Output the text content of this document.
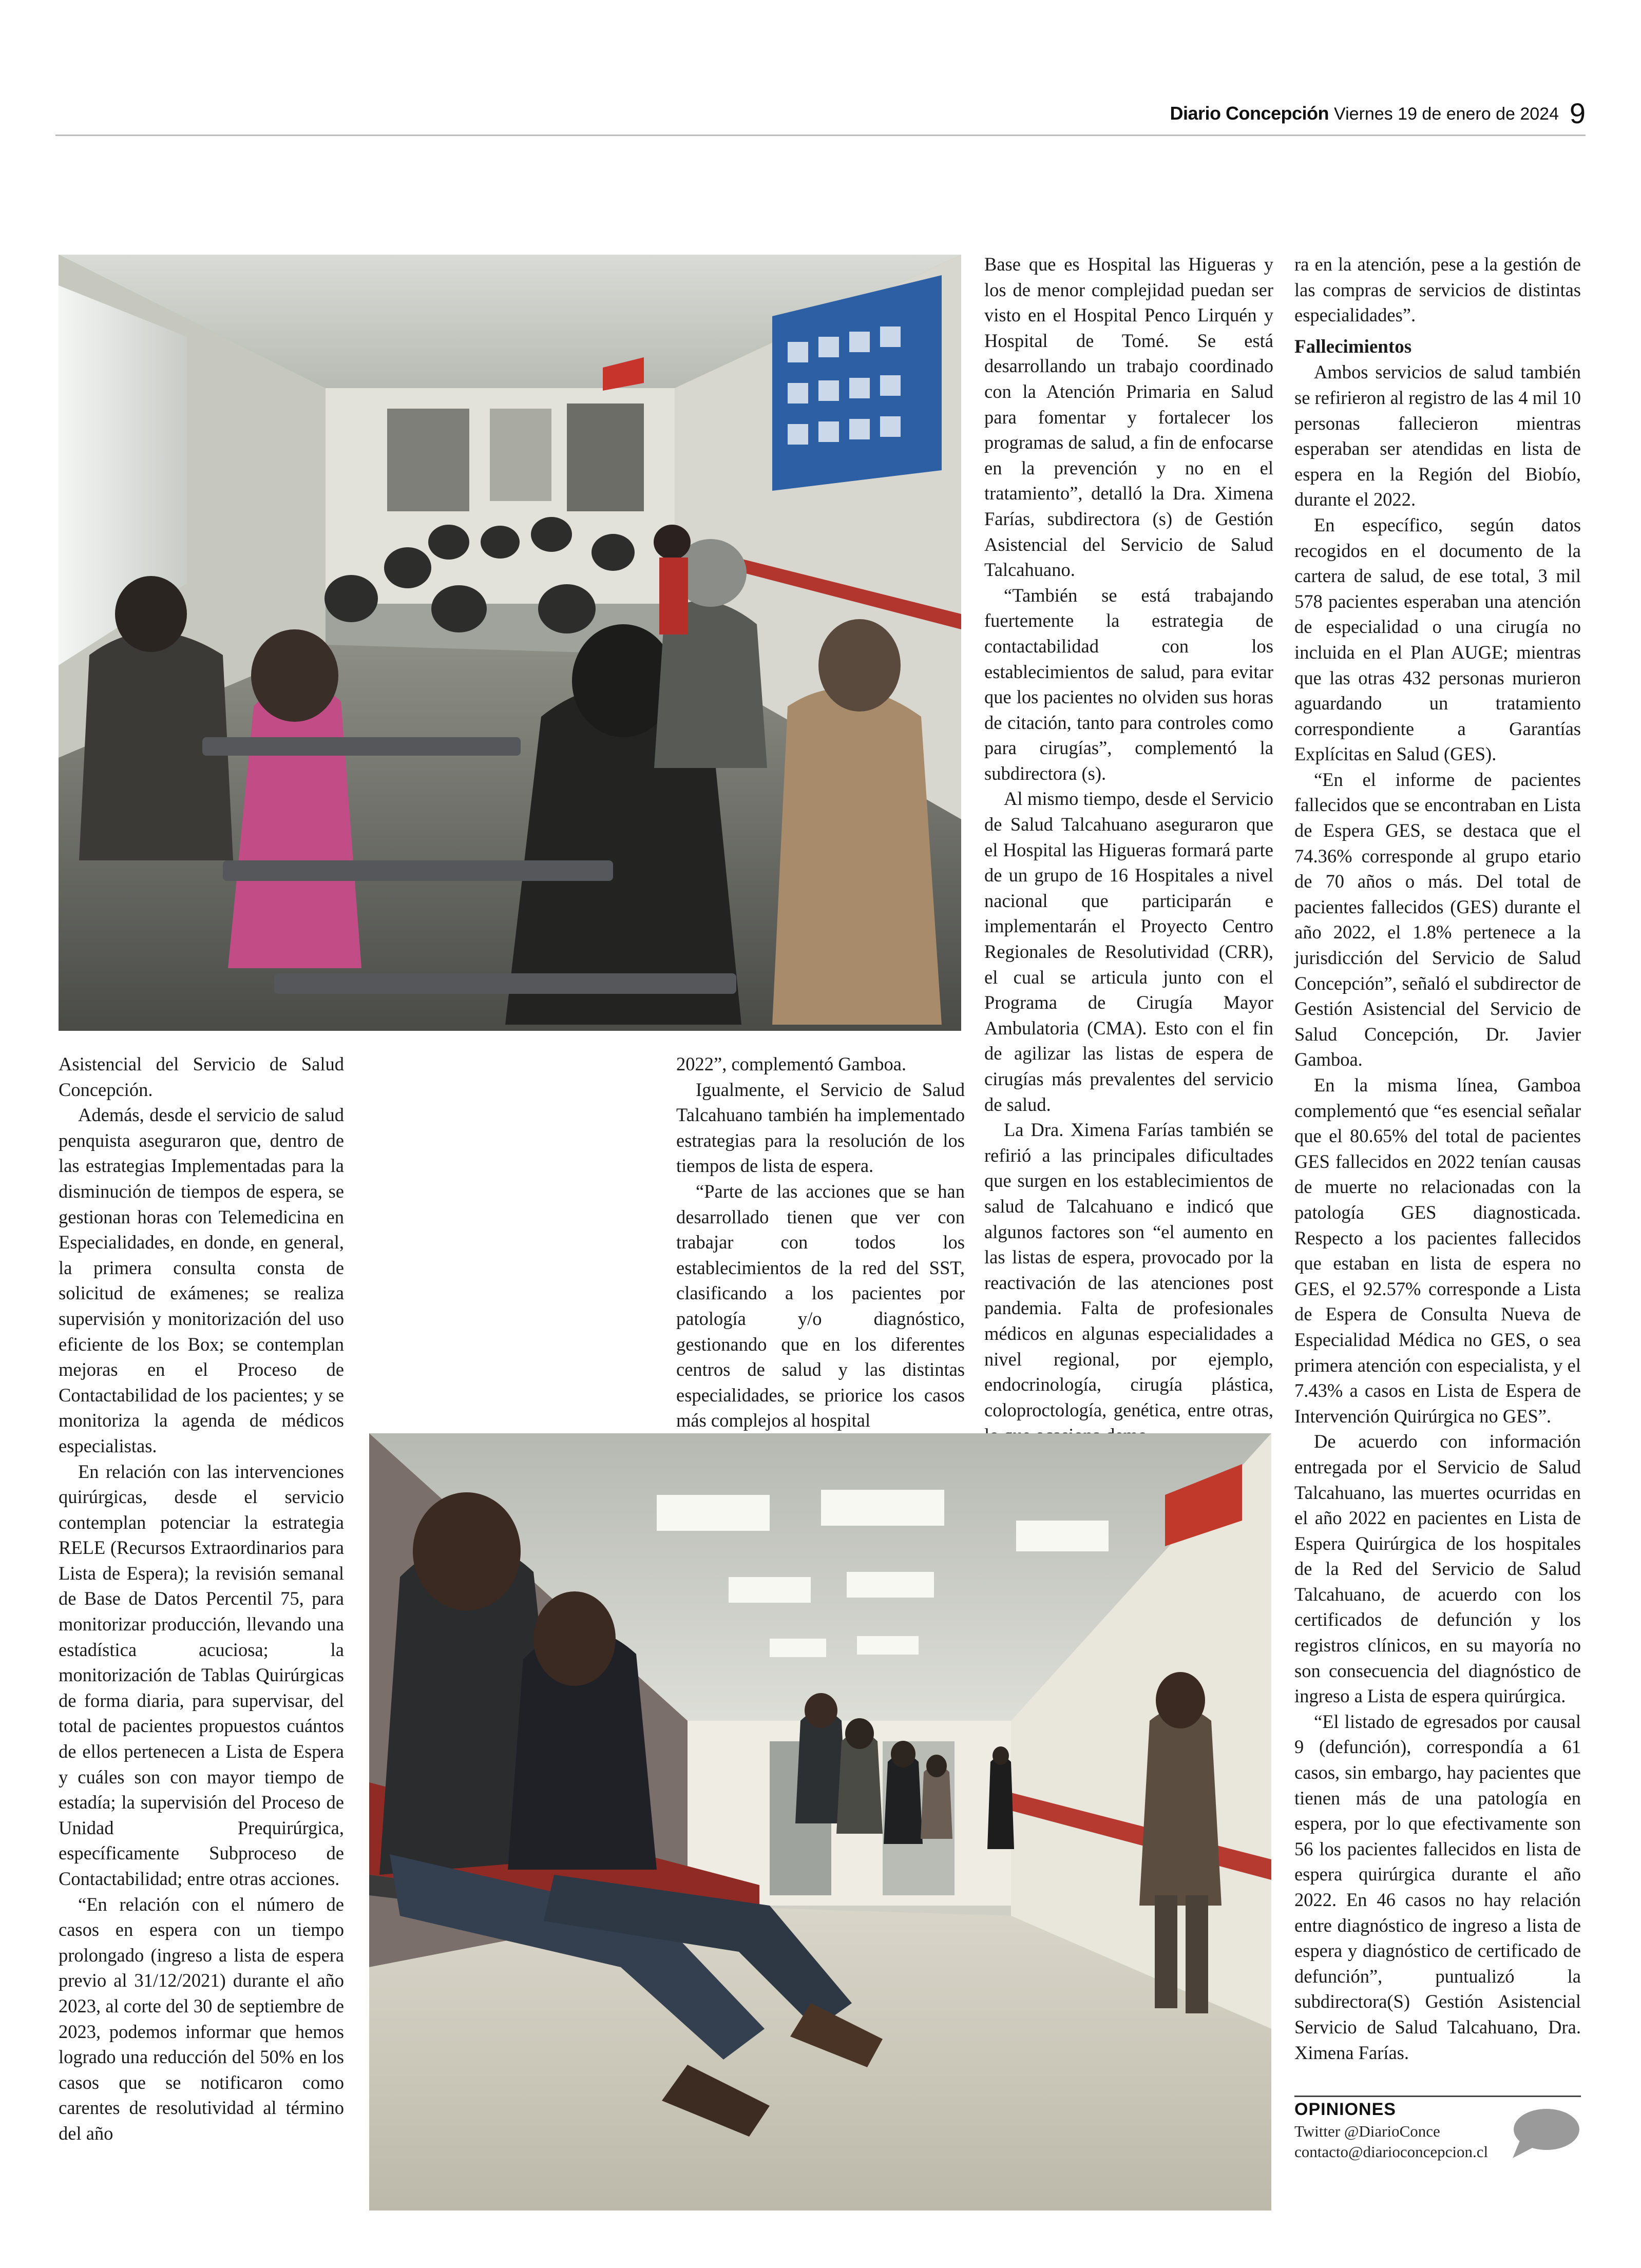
Diario Concepción Viernes 19 de enero de 2024 9

Asistencial del Servicio de Salud Concepción.

Además, desde el servicio de salud penquista aseguraron que, dentro de las estrategias Implementadas para la disminución de tiempos de espera, se gestionan horas con Telemedicina en Especialidades, en donde, en general, la primera consulta consta de solicitud de exámenes; se realiza supervisión y monitorización del uso eficiente de los Box; se contemplan mejoras en el Proceso de Contactabilidad de los pacientes; y se monitoriza la agenda de médicos especialistas.

En relación con las intervenciones quirúrgicas, desde el servicio contemplan potenciar la estrategia RELE (Recursos Extraordinarios para Lista de Espera); la revisión semanal de Base de Datos Percentil 75, para monitorizar producción, llevando una estadística acuciosa; la monitorización de Tablas Quirúrgicas de forma diaria, para supervisar, del total de pacientes propuestos cuántos de ellos pertenecen a Lista de Espera y cuáles son con mayor tiempo de estadía; la supervisión del Proceso de Unidad Prequirúrgica, específicamente Subproceso de Contactabilidad; entre otras acciones.

“En relación con el número de casos en espera con un tiempo prolongado (ingreso a lista de espera previo al 31/12/2021) durante el año 2023, al corte del 30 de septiembre de 2023, podemos informar que hemos logrado una reducción del 50% en los casos que se notificaron como carentes de resolutividad al término del año

2022”, complementó Gamboa.

Igualmente, el Servicio de Salud Talcahuano también ha implementado estrategias para la resolución de los tiempos de lista de espera.

“Parte de las acciones que se han desarrollado tienen que ver con trabajar con todos los establecimientos de la red del SST, clasificando a los pacientes por patología y/o diagnóstico, gestionando que en los diferentes centros de salud y las distintas especialidades, se priorice los casos más complejos al hospital

Base que es Hospital las Higueras y los de menor complejidad puedan ser visto en el Hospital Penco Lirquén y Hospital de Tomé. Se está desarrollando un trabajo coordinado con la Atención Primaria en Salud para fomentar y fortalecer los programas de salud, a fin de enfocarse en la prevención y no en el tratamiento”, detalló la Dra. Ximena Farías, subdirectora (s) de Gestión Asistencial del Servicio de Salud Talcahuano.

“También se está trabajando fuertemente la estrategia de contactabilidad con los establecimientos de salud, para evitar que los pacientes no olviden sus horas de citación, tanto para controles como para cirugías”, complementó la subdirectora (s).

Al mismo tiempo, desde el Servicio de Salud Talcahuano aseguraron que el Hospital las Higueras formará parte de un grupo de 16 Hospitales a nivel nacional que participarán e implementarán el Proyecto Centro Regionales de Resolutividad (CRR), el cual se articula junto con el Programa de Cirugía Mayor Ambulatoria (CMA). Esto con el fin de agilizar las listas de espera de cirugías más prevalentes del servicio de salud.

La Dra. Ximena Farías también se refirió a las principales dificultades que surgen en los establecimientos de salud de Talcahuano e indicó que algunos factores son “el aumento en las listas de espera, provocado por la reactivación de las atenciones post pandemia. Falta de profesionales médicos en algunas especialidades a nivel regional, por ejemplo, endocrinología, cirugía plástica, coloproctología, genética, entre otras,

ra en la atención, pese a la gestión de las compras de servicios de distintas especialidades”.

Fallecimientos

Ambos servicios de salud también se refirieron al registro de las 4 mil 10 personas fallecieron mientras esperaban ser atendidas en lista de espera en la Región del Biobío, durante el 2022.

En específico, según datos recogidos en el documento de la cartera de salud, de ese total, 3 mil 578 pacientes esperaban una atención de especialidad o una cirugía no incluida en el Plan AUGE; mientras que las otras 432 personas murieron aguardando un tratamiento correspondiente a Garantías Explícitas en Salud (GES).

“En el informe de pacientes fallecidos que se encontraban en Lista de Espera GES, se destaca que el 74.36% corresponde al grupo etario de 70 años o más. Del total de pacientes fallecidos (GES) durante el año 2022, el 1.8% pertenece a la jurisdicción del Servicio de Salud Concepción”, señaló el subdirector de Gestión Asistencial del Servicio de Salud Concepción, Dr. Javier Gamboa.

En la misma línea, Gamboa complementó que “es esencial señalar que el 80.65% del total de pacientes GES fallecidos en 2022 tenían causas de muerte no relacionadas con la patología GES diagnosticada. Respecto a los pacientes fallecidos que estaban en lista de espera no GES, el 92.57% corresponde a Lista de Espera de Consulta Nueva de Especialidad Médica no GES, o sea primera atención con especialista, y el 7.43% a casos en Lista de Espera de Intervención Quirúrgica no GES”.

De acuerdo con información entregada por el Servicio de Salud Talcahuano, las muertes ocurridas en el año 2022 en pacientes en Lista de Espera Quirúrgica de los hospitales de la Red del Servicio de Salud Talcahuano, de acuerdo con los certificados de defunción y los registros clínicos, en su mayoría no son consecuencia del diagnóstico de ingreso a Lista de espera quirúrgica.

“El listado de egresados por causal 9 (defunción), correspondía a 61 casos, sin embargo, hay pacientes que tienen más de una patología en espera, por lo que efectivamente son 56 los pacientes fallecidos en lista de espera quirúrgica durante el año 2022. En 46 casos no hay relación entre diagnóstico de ingreso a lista de espera y diagnóstico de certificado de defunción”, puntualizó la subdirectora(S) Gestión Asistencial Servicio de Salud Talcahuano, Dra. Ximena Farías.

OPINIONES
Twitter @DiarioConce
contacto@diarioconcepcion.cl
